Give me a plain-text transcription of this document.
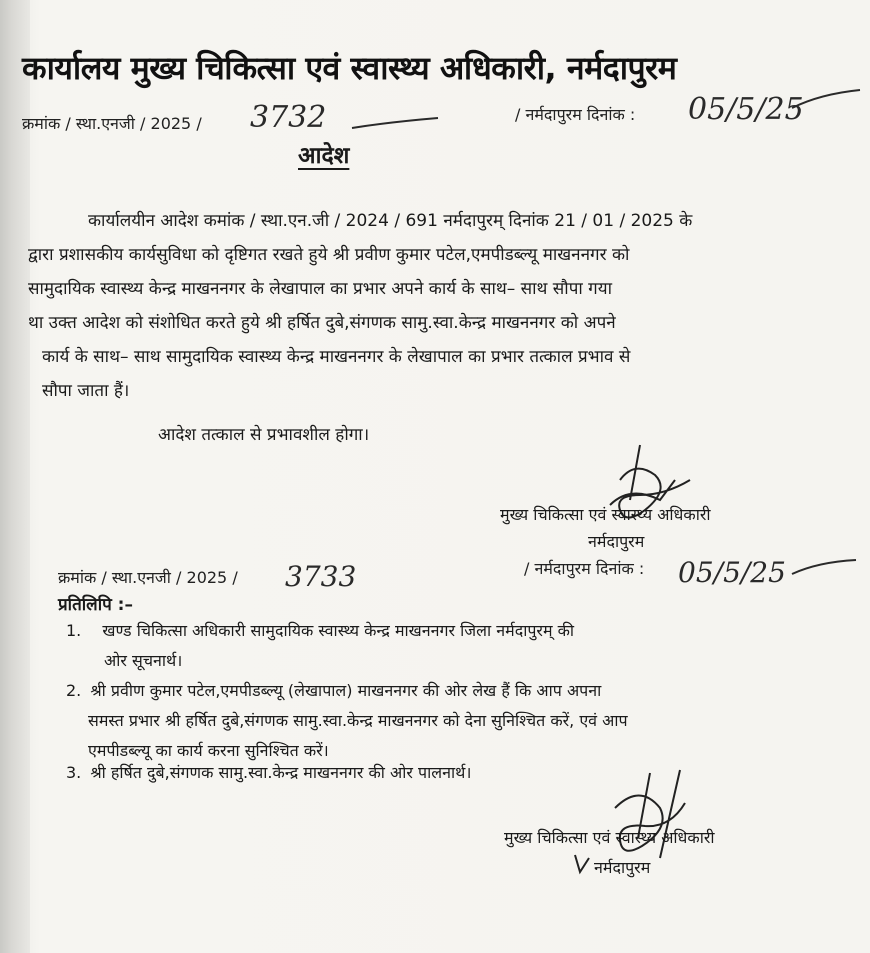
कार्यालय मुख्य चिकित्सा एवं स्वास्थ्य अधिकारी, नर्मदापुरम
क्रमांक / स्था.एनजी / 2025 / 3732	/ नर्मदापुरम दिनांक : 05/5/25
आदेश
कार्यालयीन आदेश कमांक / स्था.एन.जी / 2024 / 691 नर्मदापुरम् दिनांक 21 / 01 / 2025 के
द्वारा प्रशासकीय कार्यसुविधा को दृष्टिगत रखते हुये श्री प्रवीण कुमार पटेल,एमपीडब्ल्यू माखननगर को
सामुदायिक स्वास्थ्य केन्द्र माखननगर के लेखापाल का प्रभार अपने कार्य के साथ– साथ सौपा गया
था उक्त आदेश को संशोधित करते हुये श्री हर्षित दुबे,संगणक सामु.स्वा.केन्द्र माखननगर को अपने
कार्य के साथ– साथ सामुदायिक स्वास्थ्य केन्द्र माखननगर के लेखापाल का प्रभार तत्काल प्रभाव से
सौपा जाता हैं।
आदेश तत्काल से प्रभावशील होगा।
मुख्य चिकित्सा एवं स्वास्थ्य अधिकारी
नर्मदापुरम
क्रमांक / स्था.एनजी / 2025 / 3733	/ नर्मदापुरम दिनांक : 05/5/25
प्रतिलिपि :–
1. खण्ड चिकित्सा अधिकारी सामुदायिक स्वास्थ्य केन्द्र माखननगर जिला नर्मदापुरम् की
ओर सूचनार्थ।
2. श्री प्रवीण कुमार पटेल,एमपीडब्ल्यू (लेखापाल) माखननगर की ओर लेख हैं कि आप अपना
समस्त प्रभार श्री हर्षित दुबे,संगणक सामु.स्वा.केन्द्र माखननगर को देना सुनिश्चित करें, एवं आप
एमपीडब्ल्यू का कार्य करना सुनिश्चित करें।
3. श्री हर्षित दुबे,संगणक सामु.स्वा.केन्द्र माखननगर की ओर पालनार्थ।
मुख्य चिकित्सा एवं स्वास्थ्य अधिकारी
नर्मदापुरम
